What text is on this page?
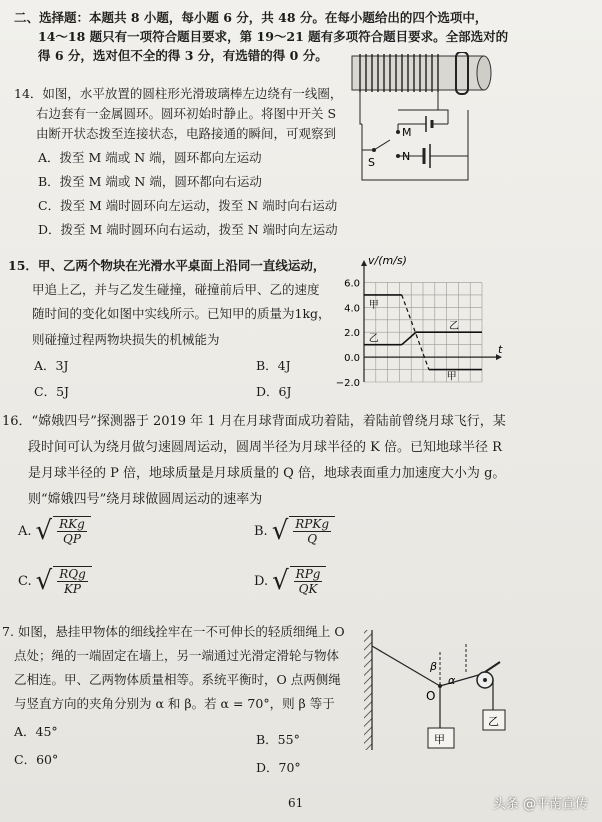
二、选择题：本题共 8 小题，每小题 6 分，共 48 分。在每小题给出的四个选项中，
14～18 题只有一项符合题目要求，第 19～21 题有多项符合题目要求。全部选对的
得 6 分，选对但不全的得 3 分，有选错的得 0 分。
14．如图，水平放置的圆柱形光滑玻璃棒左边绕有一线圈，
右边套有一金属圆环。圆环初始时静止。将图中开关 S
由断开状态拨至连接状态，电路接通的瞬间，可观察到
A．拨至 M 端或 N 端，圆环都向左运动
B．拨至 M 端或 N 端，圆环都向右运动
C．拨至 M 端时圆环向左运动，拨至 N 端时向右运动
D．拨至 M 端时圆环向右运动，拨至 N 端时向左运动
M
N
S
15．甲、乙两个物块在光滑水平桌面上沿同一直线运动，
甲追上乙，并与乙发生碰撞，碰撞前后甲、乙的速度
随时间的变化如图中实线所示。已知甲的质量为1kg，
则碰撞过程两物块损失的机械能为
A．3J	B．4J
C．5J	D．6J
6.0
4.0
2.0
0.0
−2.0
甲
乙
乙
甲
v/(m/s)
t
16．“嫦娥四号”探测器于 2019 年 1 月在月球背面成功着陆，着陆前曾绕月球飞行，某
段时间可认为绕月做匀速圆周运动，圆周半径为月球半径的 K 倍。已知地球半径 R
是月球半径的 P 倍，地球质量是月球质量的 Q 倍，地球表面重力加速度大小为 g。
则“嫦娥四号”绕月球做圆周运动的速率为
A. √ RKg
QP
B. √ RPKg
Q
C. √ RQg
KP
D. √ RPg
QK
7. 如图，悬挂甲物体的细线拴牢在一不可伸长的轻质细绳上 O
点处；绳的一端固定在墙上，另一端通过光滑定滑轮与物体
乙相连。甲、乙两物体质量相等。系统平衡时，O 点两侧绳
与竖直方向的夹角分别为 α 和 β。若 α = 70°，则 β 等于
A．45°
B．55°
C．60°
D．70°
O
α
β
甲
乙
61	头条 @平南宣传
